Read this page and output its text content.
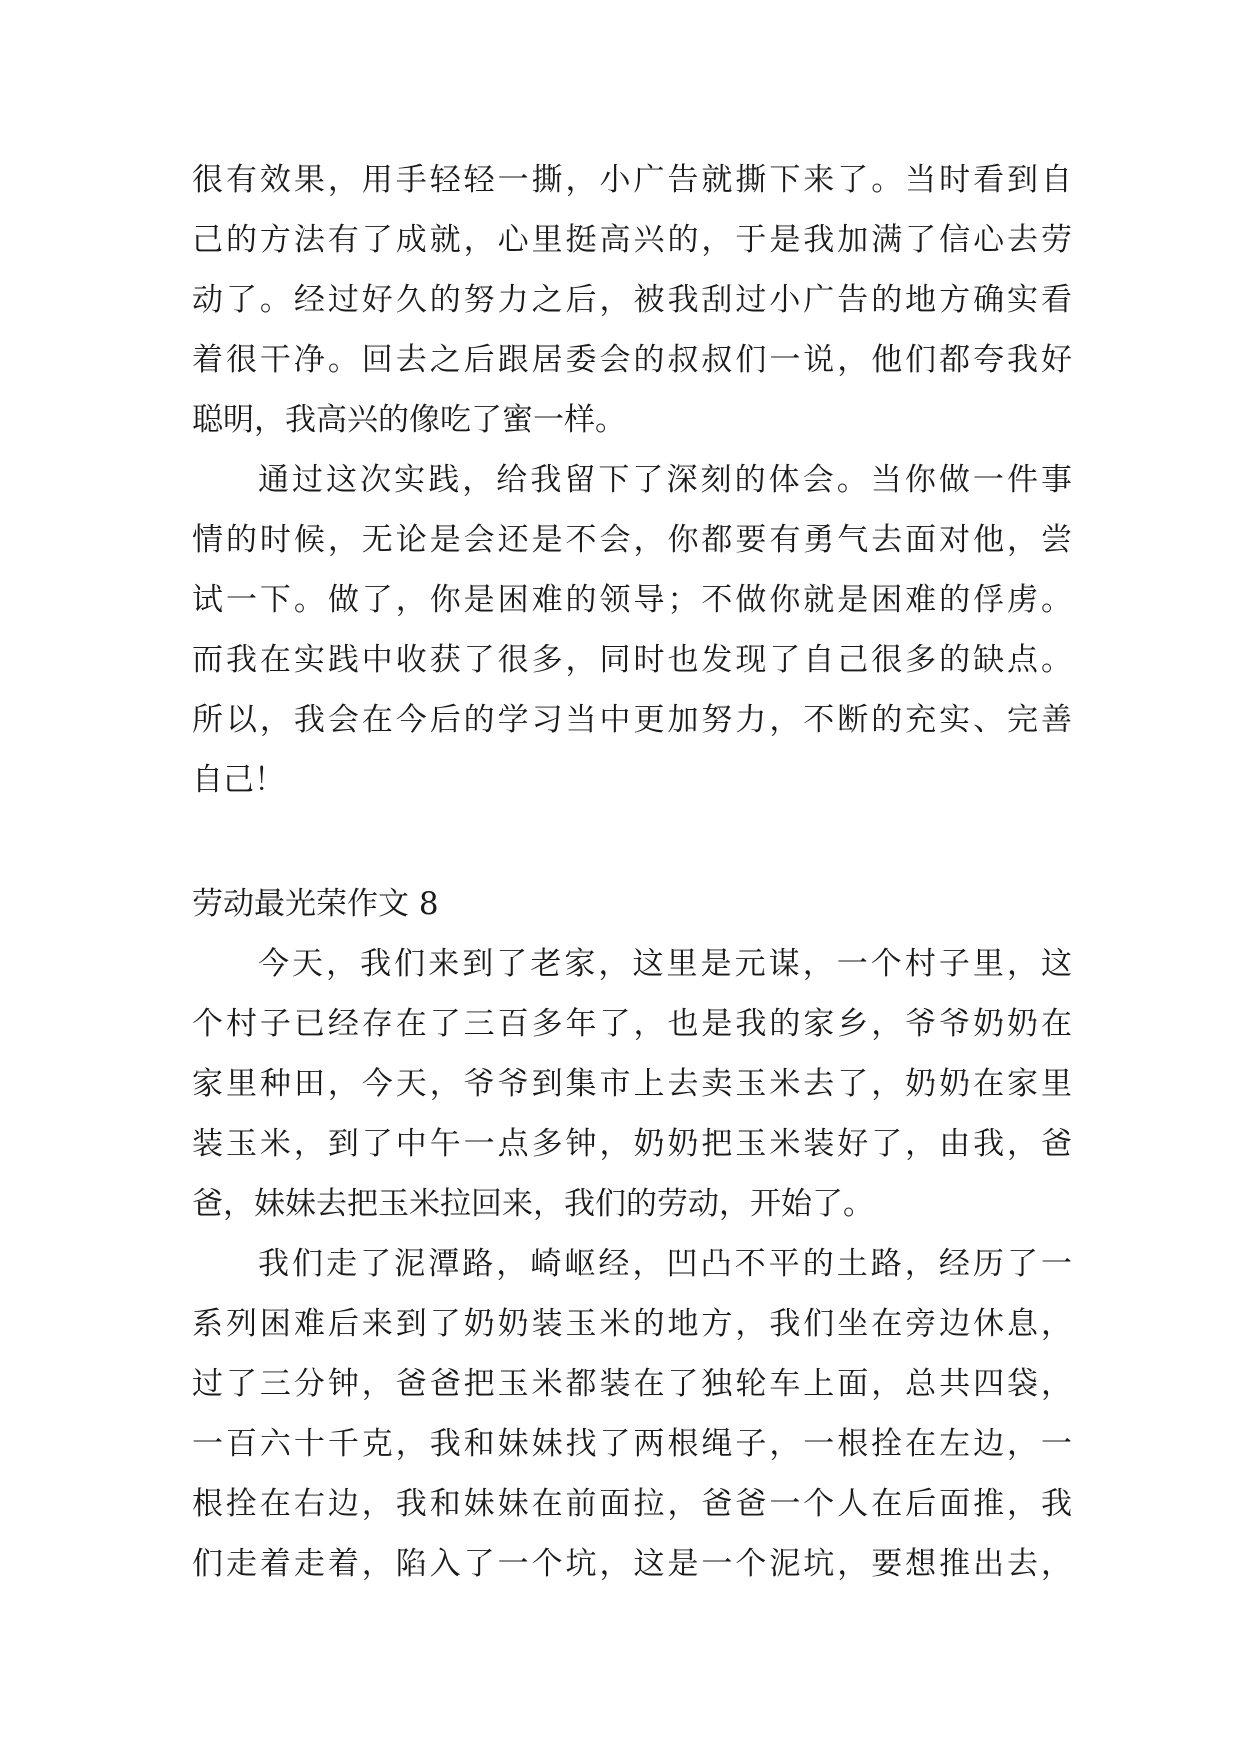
很有效果，用手轻轻一撕，小广告就撕下来了。当时看到自
己的方法有了成就，心里挺高兴的，于是我加满了信心去劳
动了。经过好久的努力之后，被我刮过小广告的地方确实看
着很干净。回去之后跟居委会的叔叔们一说，他们都夸我好
聪明，我高兴的像吃了蜜一样。
通过这次实践，给我留下了深刻的体会。当你做一件事
情的时候，无论是会还是不会，你都要有勇气去面对他，尝
试一下。做了，你是困难的领导；不做你就是困难的俘虏。
而我在实践中收获了很多，同时也发现了自己很多的缺点。
所以，我会在今后的学习当中更加努力，不断的充实、完善
自己！
劳动最光荣作文 8
今天，我们来到了老家，这里是元谋，一个村子里，这
个村子已经存在了三百多年了，也是我的家乡，爷爷奶奶在
家里种田，今天，爷爷到集市上去卖玉米去了，奶奶在家里
装玉米，到了中午一点多钟，奶奶把玉米装好了，由我，爸
爸，妹妹去把玉米拉回来，我们的劳动，开始了。
我们走了泥潭路，崎岖经，凹凸不平的土路，经历了一
系列困难后来到了奶奶装玉米的地方，我们坐在旁边休息，
过了三分钟，爸爸把玉米都装在了独轮车上面，总共四袋，
一百六十千克，我和妹妹找了两根绳子，一根拴在左边，一
根拴在右边，我和妹妹在前面拉，爸爸一个人在后面推，我
们走着走着，陷入了一个坑，这是一个泥坑，要想推出去，
